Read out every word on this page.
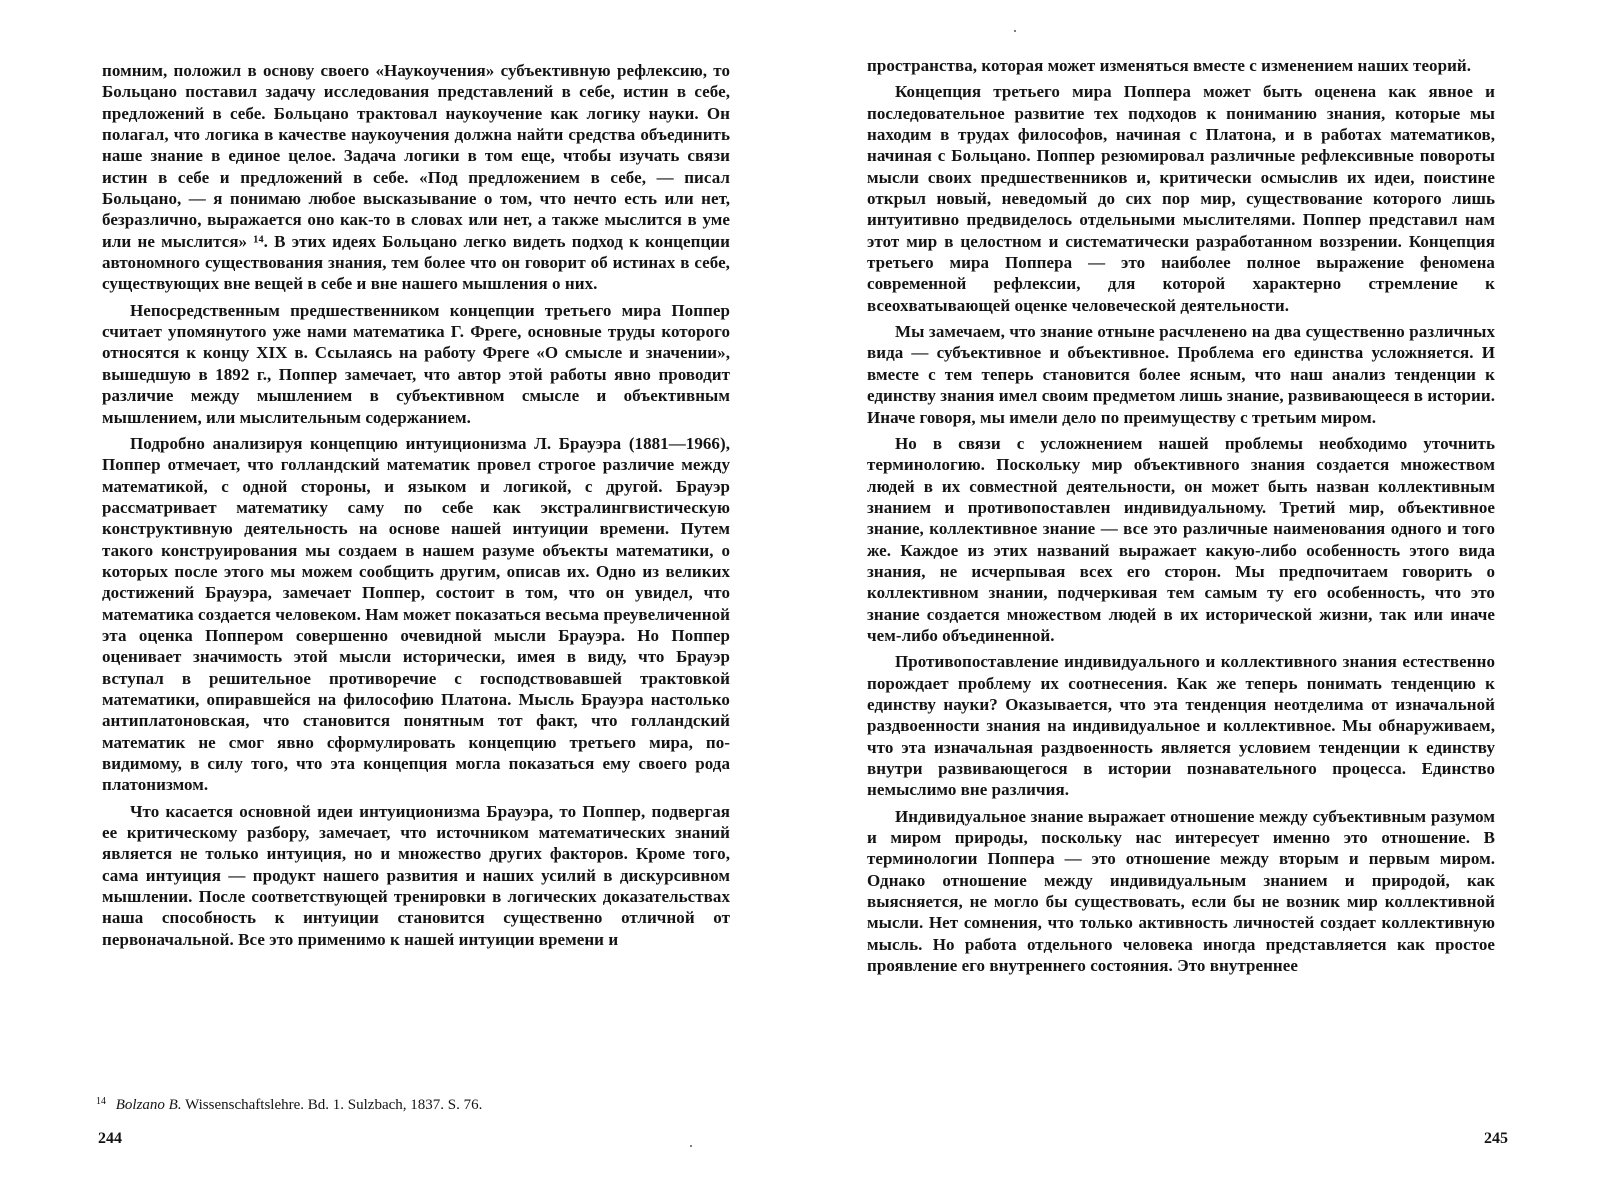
помним, положил в основу своего «Наукоучения» субъективную рефлексию, то Больцано поставил задачу исследования представлений в себе, истин в себе, предложений в себе. Больцано трактовал наукоучение как логику науки. Он полагал, что логика в качестве наукоучения должна найти средства объединить наше знание в единое целое. Задача логики в том еще, чтобы изучать связи истин в себе и предложений в себе. «Под предложением в себе, — писал Больцано, — я понимаю любое высказывание о том, что нечто есть или нет, безразлично, выражается оно как-то в словах или нет, а также мыслится в уме или не мыслится» ¹⁴. В этих идеях Больцано легко видеть подход к концепции автономного существования знания, тем более что он говорит об истинах в себе, существующих вне вещей в себе и вне нашего мышления о них.

Непосредственным предшественником концепции третьего мира Поппер считает упомянутого уже нами математика Г. Фреге, основные труды которого относятся к концу XIX в. Ссылаясь на работу Фреге «О смысле и значении», вышедшую в 1892 г., Поппер замечает, что автор этой работы явно проводит различие между мышлением в субъективном смысле и объективным мышлением, или мыслительным содержанием.

Подробно анализируя концепцию интуиционизма Л. Брауэра (1881—1966), Поппер отмечает, что голландский математик провел строгое различие между математикой, с одной стороны, и языком и логикой, с другой. Брауэр рассматривает математику саму по себе как экстралингвистическую конструктивную деятельность на основе нашей интуиции времени. Путем такого конструирования мы создаем в нашем разуме объекты математики, о которых после этого мы можем сообщить другим, описав их. Одно из великих достижений Брауэра, замечает Поппер, состоит в том, что он увидел, что математика создается человеком. Нам может показаться весьма преувеличенной эта оценка Поппером совершенно очевидной мысли Брауэра. Но Поппер оценивает значимость этой мысли исторически, имея в виду, что Брауэр вступал в решительное противоречие с господствовавшей трактовкой математики, опиравшейся на философию Платона. Мысль Брауэра настолько антиплатоновская, что становится понятным тот факт, что голландский математик не смог явно сформулировать концепцию третьего мира, по-видимому, в силу того, что эта концепция могла показаться ему своего рода платонизмом.

Что касается основной идеи интуиционизма Брауэра, то Поппер, подвергая ее критическому разбору, замечает, что источником математических знаний является не только интуиция, но и множество других факторов. Кроме того, сама интуиция — продукт нашего развития и наших усилий в дискурсивном мышлении. После соответствующей тренировки в логических доказательствах наша способность к интуиции становится существенно отличной от первоначальной. Все это применимо к нашей интуиции времени и

$^{14}$ Bolzano B. Wissenschaftslehre. Bd. 1. Sulzbach, 1837. S. 76.
244

пространства, которая может изменяться вместе с изменением наших теорий.

Концепция третьего мира Поппера может быть оценена как явное и последовательное развитие тех подходов к пониманию знания, которые мы находим в трудах философов, начиная с Платона, и в работах математиков, начиная с Больцано. Поппер резюмировал различные рефлексивные повороты мысли своих предшественников и, критически осмыслив их идеи, поистине открыл новый, неведомый до сих пор мир, существование которого лишь интуитивно предвиделось отдельными мыслителями. Поппер представил нам этот мир в целостном и систематически разработанном воззрении. Концепция третьего мира Поппера — это наиболее полное выражение феномена современной рефлексии, для которой характерно стремление к всеохватывающей оценке человеческой деятельности.

Мы замечаем, что знание отныне расчленено на два существенно различных вида — субъективное и объективное. Проблема его единства усложняется. И вместе с тем теперь становится более ясным, что наш анализ тенденции к единству знания имел своим предметом лишь знание, развивающееся в истории. Иначе говоря, мы имели дело по преимуществу с третьим миром.

Но в связи с усложнением нашей проблемы необходимо уточнить терминологию. Поскольку мир объективного знания создается множеством людей в их совместной деятельности, он может быть назван коллективным знанием и противопоставлен индивидуальному. Третий мир, объективное знание, коллективное знание — все это различные наименования одного и того же. Каждое из этих названий выражает какую-либо особенность этого вида знания, не исчерпывая всех его сторон. Мы предпочитаем говорить о коллективном знании, подчеркивая тем самым ту его особенность, что это знание создается множеством людей в их исторической жизни, так или иначе чем-либо объединенной.

Противопоставление индивидуального и коллективного знания естественно порождает проблему их соотнесения. Как же теперь понимать тенденцию к единству науки? Оказывается, что эта тенденция неотделима от изначальной раздвоенности знания на индивидуальное и коллективное. Мы обнаруживаем, что эта изначальная раздвоенность является условием тенденции к единству внутри развивающегося в истории познавательного процесса. Единство немыслимо вне различия.

Индивидуальное знание выражает отношение между субъективным разумом и миром природы, поскольку нас интересует именно это отношение. В терминологии Поппера — это отношение между вторым и первым миром. Однако отношение между индивидуальным знанием и природой, как выясняется, не могло бы существовать, если бы не возник мир коллективной мысли. Нет сомнения, что только активность личностей создает коллективную мысль. Но работа отдельного человека иногда представляется как простое проявление его внутреннего состояния. Это внутреннее

245
